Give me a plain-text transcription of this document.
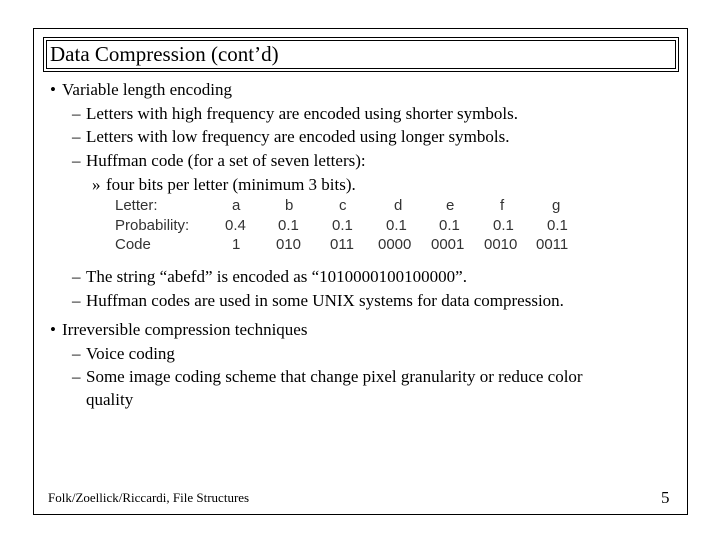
Data Compression (cont’d)
• Variable length encoding
– Letters with high frequency are encoded using shorter symbols.
– Letters with low frequency are encoded using longer symbols.
– Huffman code (for a set of seven letters):
» four bits per letter (minimum 3 bits).
Letter:	a	b	c	d	e	f	g
Probability: 0.4 0.1 0.1 0.1 0.1 0.1 0.1
Code	1 010 011 0000 0001 0010 0011
– The string “abefd” is encoded as “1010000100100000”.
– Huffman codes are used in some UNIX systems for data compression.
• Irreversible compression techniques
– Voice coding
– Some image coding scheme that change pixel granularity or reduce color
quality
Folk/Zoellick/Riccardi, File Structures	5
